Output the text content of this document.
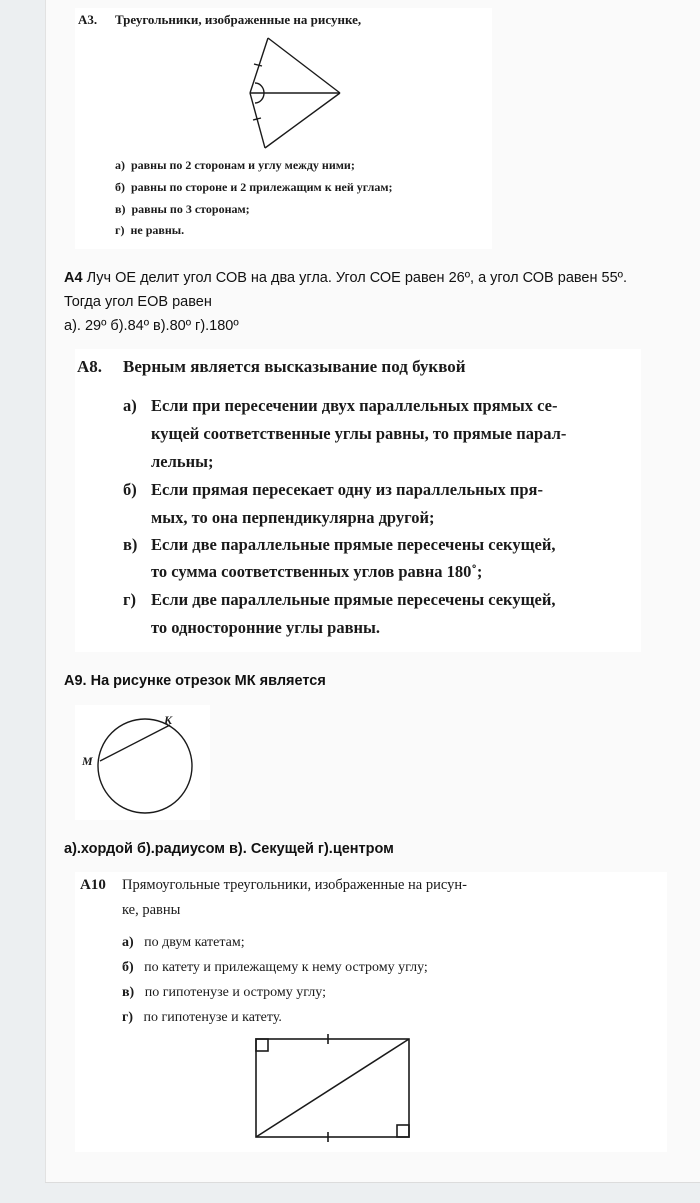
А3. Треугольники, изображенные на рисунке,
а) равны по 2 сторонам и углу между ними;
б) равны по стороне и 2 прилежащим к ней углам;
в) равны по 3 сторонам;
г) не равны.
А4 Луч ОЕ делит угол СОВ на два угла. Угол СОЕ равен 26º, а угол СОВ равен 55º.
Тогда угол ЕОВ равен
а). 29º б).84º в).80º г).180º
А8. Верным является высказывание под буквой
а) Если при пересечении двух параллельных прямых се-
кущей соответственные углы равны, то прямые парал-
лельны;
б) Если прямая пересекает одну из параллельных пря-
мых, то она перпендикулярна другой;
в) Если две параллельные прямые пересечены секущей,
то сумма соответственных углов равна 180˚;
г) Если две параллельные прямые пересечены секущей,
то односторонние углы равны.
А9. На рисунке отрезок МК является
M
K
а).хордой б).радиусом в). Секущей г).центром
А10 Прямоугольные треугольники, изображенные на рисун-
ке, равны
а) по двум катетам;
б) по катету и прилежащему к нему острому углу;
в) по гипотенузе и острому углу;
г) по гипотенузе и катету.
